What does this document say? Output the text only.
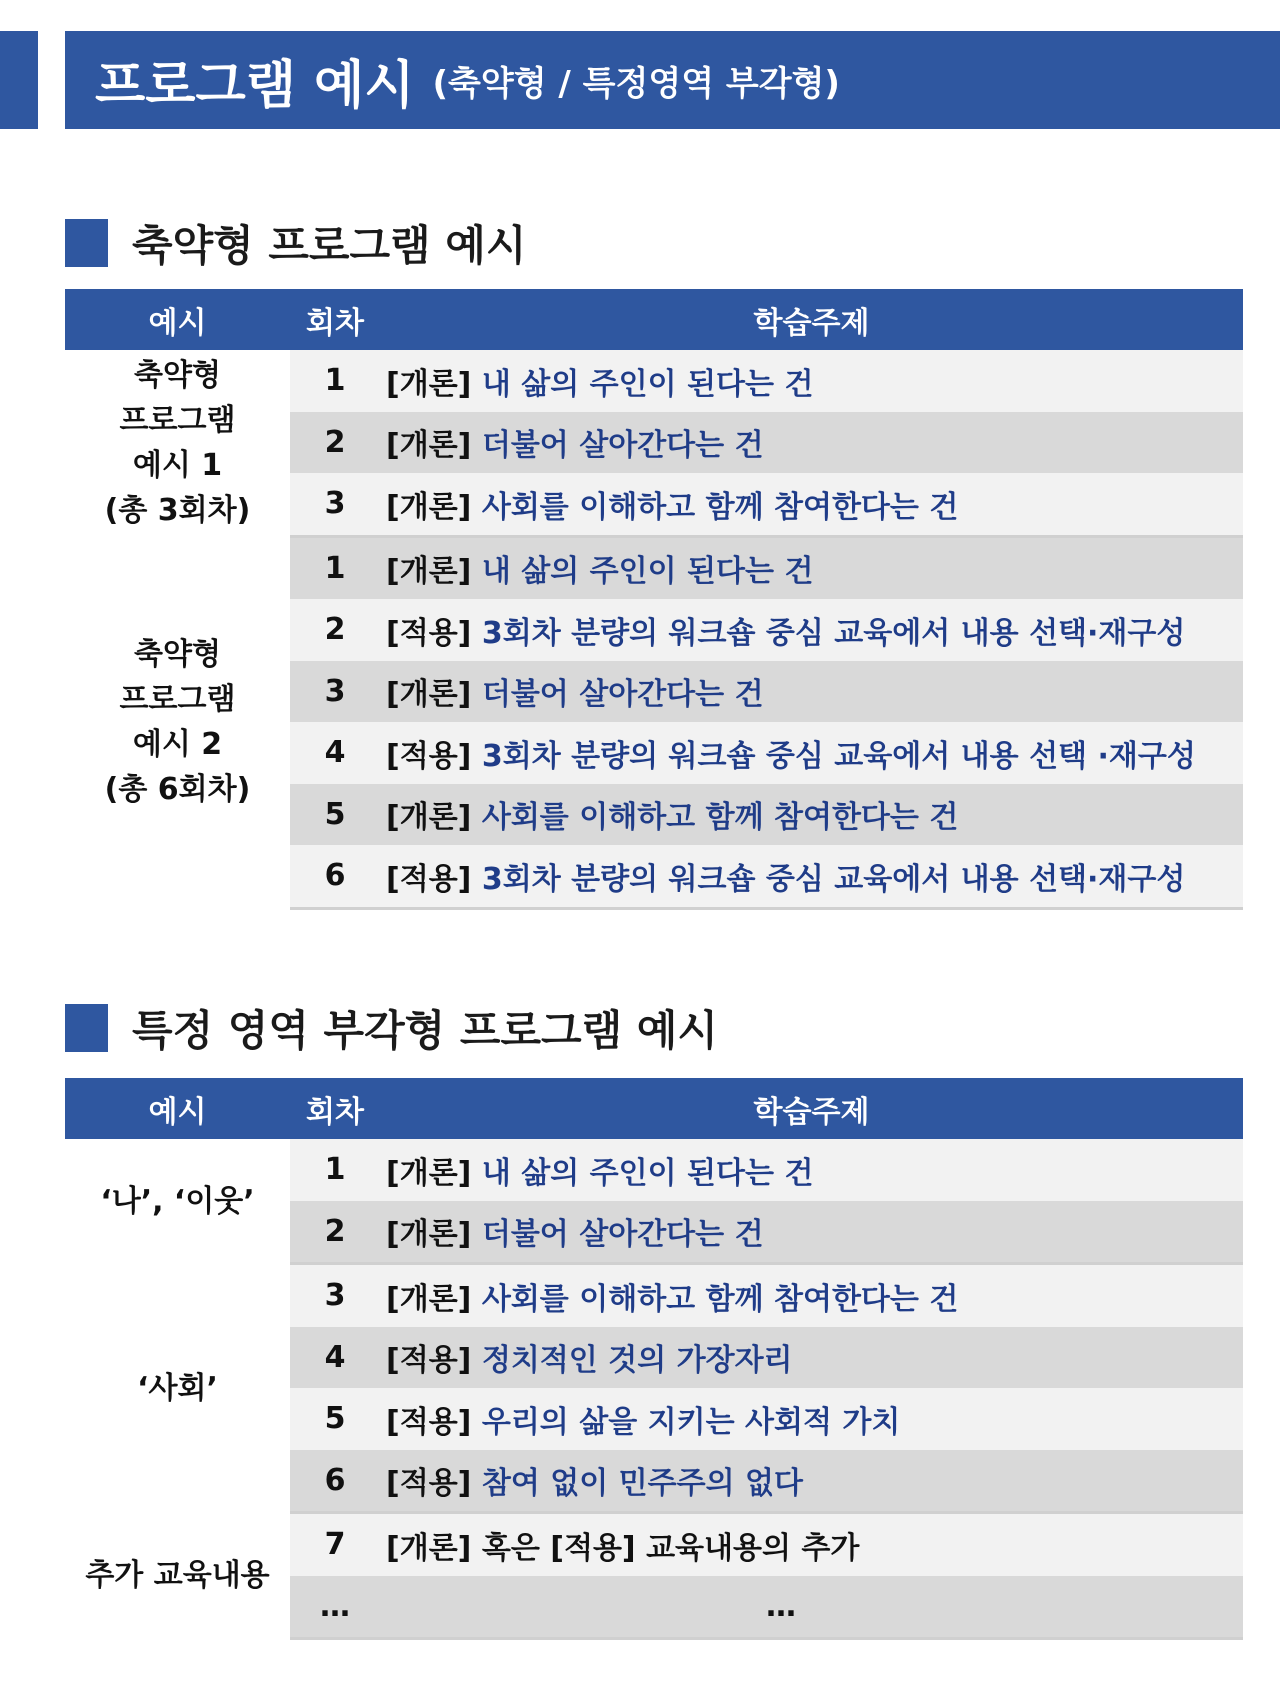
프로그램 예시 (축약형 / 특정영역 부각형)
축약형 프로그램 예시
예시	회차	학습주제

축약형
프로그램
예시 1
(총 3회차)	1	[개론] 내 삶의 주인이 된다는 건
	2	[개론] 더불어 살아간다는 건
	3	[개론] 사회를 이해하고 함께 참여한다는 건

축약형
프로그램
예시 2
(총 6회차)	1	[개론] 내 삶의 주인이 된다는 건
	2	[적용] 3회차 분량의 워크숍 중심 교육에서 내용 선택·재구성
	3	[개론] 더불어 살아간다는 건
	4	[적용] 3회차 분량의 워크숍 중심 교육에서 내용 선택 ·재구성
	5	[개론] 사회를 이해하고 함께 참여한다는 건
	6	[적용] 3회차 분량의 워크숍 중심 교육에서 내용 선택·재구성
특정 영역 부각형 프로그램 예시
예시	회차	학습주제

‘나’, ‘이웃’	1	[개론] 내 삶의 주인이 된다는 건
	2	[개론] 더불어 살아간다는 건

‘사회’	3	[개론] 사회를 이해하고 함께 참여한다는 건
	4	[적용] 정치적인 것의 가장자리
	5	[적용] 우리의 삶을 지키는 사회적 가치
	6	[적용] 참여 없이 민주주의 없다

추가 교육내용	7	[개론] 혹은 [적용] 교육내용의 추가
	…	…
